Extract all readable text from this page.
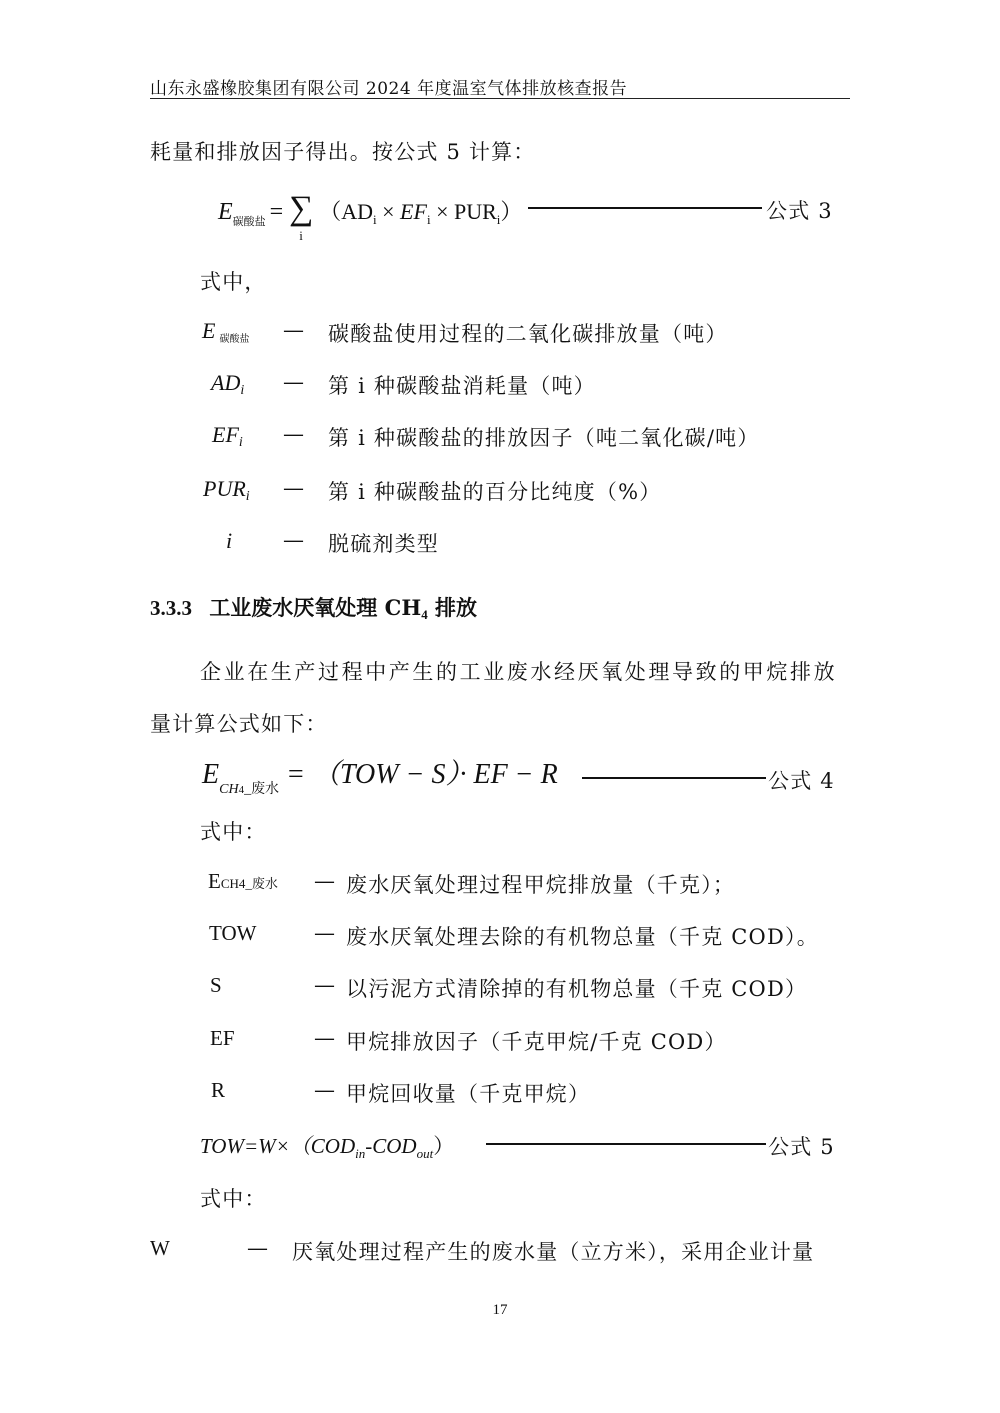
山东永盛橡胶集团有限公司 2024 年度温室气体排放核查报告
耗量和排放因子得出。按公式 5 计算：
$E_{碳酸盐}$ = ∑
i
$(AD_i \times EF_i \times PUR_i)$	公式 3
式中，
E碳酸盐 — 碳酸盐使用过程的二氧化碳排放量（吨）
ADi — 第 i 种碳酸盐消耗量（吨）
EFi — 第 i 种碳酸盐的排放因子（吨二氧化碳/吨）
PURi — 第 i 种碳酸盐的百分比纯度（%）
i — 脱硫剂类型
3.3.3 工业废水厌氧处理 CH4 排放
企业在生产过程中产生的工业废水经厌氧处理导致的甲烷排放
量计算公式如下：
ECH4_废水 = （TOW − S）· EF − R	公式 4
式中：
ECH4_废水 — 废水厌氧处理过程甲烷排放量（千克）；
TOW	— 废水厌氧处理去除的有机物总量（千克 COD）。
S	— 以污泥方式清除掉的有机物总量（千克 COD）
EF	— 甲烷排放因子（千克甲烷/千克 COD）
R	— 甲烷回收量（千克甲烷）
$TOW=W\times(COD_{in}-COD_{out})$	公式 5
式中：
W	— 厌氧处理过程产生的废水量（立方米），采用企业计量
17
